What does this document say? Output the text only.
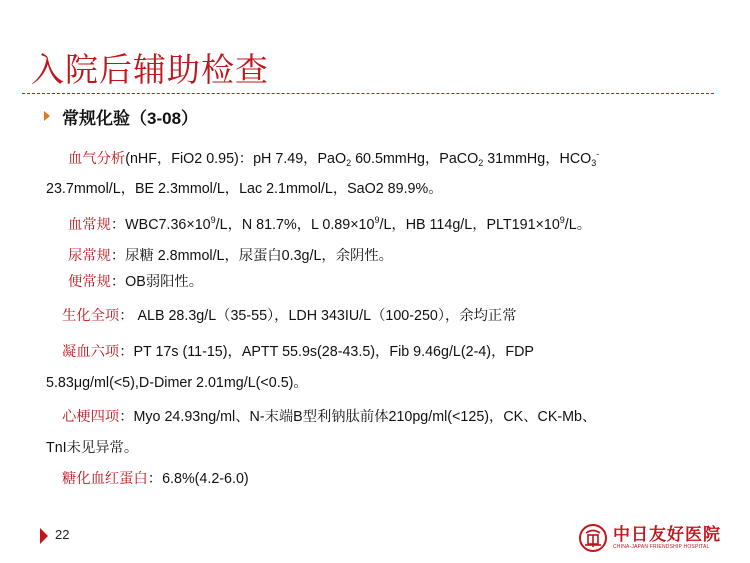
入院后辅助检查
常规化验（3-08）
血气分析(nHF，FiO2 0.95)：pH 7.49，PaO$_2$ 60.5mmHg，PaCO$_2$ 31mmHg，$HCO_3^-$
23.7mmol/L，BE 2.3mmol/L，Lac 2.1mmol/L，SaO2 89.9%。
血常规：$WBC7.36\times 10^9/L$，N 81.7%，L $0.89\times 10^9/L$，HB 114g/L，$PLT191\times 10^9/L$。
尿常规：尿糖 2.8mmol/L，尿蛋白0.3g/L，余阴性。
便常规：OB弱阳性。
生化全项： ALB 28.3g/L（35-55），LDH 343IU/L（100-250），余均正常
凝血六项：PT 17s (11-15)，APTT 55.9s(28-43.5)，Fib 9.46g/L(2-4)，FDP
5.83μg/ml(<5),D-Dimer 2.01mg/L(<0.5)。
心梗四项：Myo 24.93ng/ml、N-末端B型利钠肽前体210pg/ml(<125)，CK、CK-Mb、
TnI未见异常。
糖化血红蛋白：6.8%(4.2-6.0)
22	中日友好医院
CHINA-JAPAN FRIENDSHIP HOSPITAL
